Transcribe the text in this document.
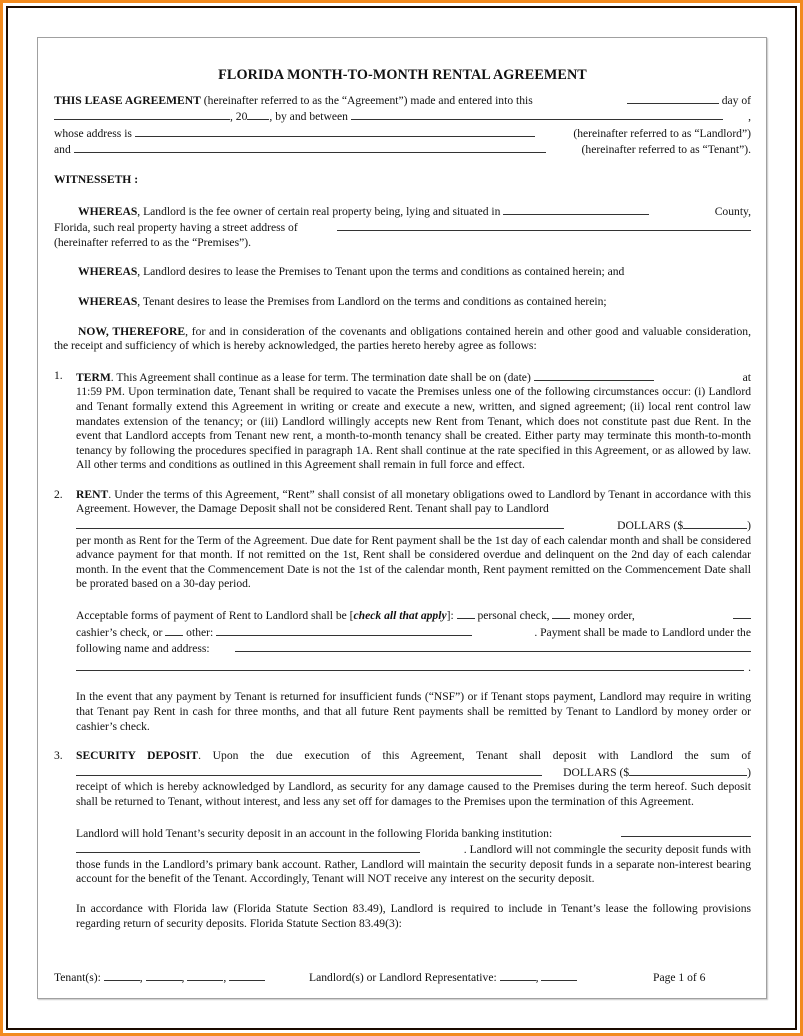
FLORIDA MONTH-TO-MONTH RENTAL AGREEMENT
THIS LEASE AGREEMENT (hereinafter referred to as the “Agreement”) made and entered into this	day of
, 20 , by and between	,
whose address is	(hereinafter referred to as “Landlord”)
and	(hereinafter referred to as “Tenant”).

WITNESSETH :

WHEREAS, Landlord is the fee owner of certain real property being, lying and situated in	County,
Florida, such real property having a street address of

(hereinafter referred to as the “Premises”).

WHEREAS, Landlord desires to lease the Premises to Tenant upon the terms and conditions as contained herein; and

WHEREAS, Tenant desires to lease the Premises from Landlord on the terms and conditions as contained herein;

NOW, THEREFORE, for and in consideration of the covenants and obligations contained herein and other good and valuable consideration, the receipt and sufficiency of which is hereby acknowledged, the parties hereto hereby agree as follows:

1. TERM. This Agreement shall continue as a lease for term. The termination date shall be on (date)	at

11:59 PM. Upon termination date, Tenant shall be required to vacate the Premises unless one of the following circumstances occur: (i) Landlord and Tenant formally extend this Agreement in writing or create and execute a new, written, and signed agreement; (ii) local rent control law mandates extension of the tenancy; or (iii) Landlord willingly accepts new Rent from Tenant, which does not constitute past due Rent. In the event that Landlord accepts from Tenant new rent, a month-to-month tenancy shall be created. Either party may terminate this month-to-month tenancy by following the procedures specified in paragraph 1A. Rent shall continue at the rate specified in this Agreement, or as allowed by law. All other terms and conditions as outlined in this Agreement shall remain in full force and effect.

2. RENT. Under the terms of this Agreement, “Rent” shall consist of all monetary obligations owed to Landlord by Tenant in accordance with this Agreement. However, the Damage Deposit shall not be considered Rent. Tenant shall pay to Landlord

DOLLARS ($	)

per month as Rent for the Term of the Agreement. Due date for Rent payment shall be the 1st day of each calendar month and shall be considered advance payment for that month. If not remitted on the 1st, Rent shall be considered overdue and delinquent on the 2nd day of each calendar month. In the event that the Commencement Date is not the 1st of the calendar month, Rent payment remitted on the Commencement Date shall be prorated based on a 30-day period.

Acceptable forms of payment of Rent to Landlord shall be [check all that apply]:  personal check,  money order,
cashier’s check, or  other:	. Payment shall be made to Landlord under the
following name and address:
.

In the event that any payment by Tenant is returned for insufficient funds (“NSF”) or if Tenant stops payment, Landlord may require in writing that Tenant pay Rent in cash for three months, and that all future Rent payments shall be remitted by Tenant to Landlord by money order or cashier’s check.

3. SECURITY DEPOSIT. Upon the due execution of this Agreement, Tenant shall deposit with Landlord the sum of

DOLLARS ($	)

receipt of which is hereby acknowledged by Landlord, as security for any damage caused to the Premises during the term hereof. Such deposit shall be returned to Tenant, without interest, and less any set off for damages to the Premises upon the termination of this Agreement.

Landlord will hold Tenant’s security deposit in an account in the following Florida banking institution:
. Landlord will not commingle the security deposit funds with

those funds in the Landlord’s primary bank account. Rather, Landlord will maintain the security deposit funds in a separate non-interest bearing account for the benefit of the Tenant. Accordingly, Tenant will NOT receive any interest on the security deposit.

In accordance with Florida law (Florida Statute Section 83.49), Landlord is required to include in Tenant’s lease the following provisions regarding return of security deposits. Florida Statute Section 83.49(3):

Tenant(s):	,	,	,	Landlord(s) or Landlord Representative:	,	Page 1 of 6
